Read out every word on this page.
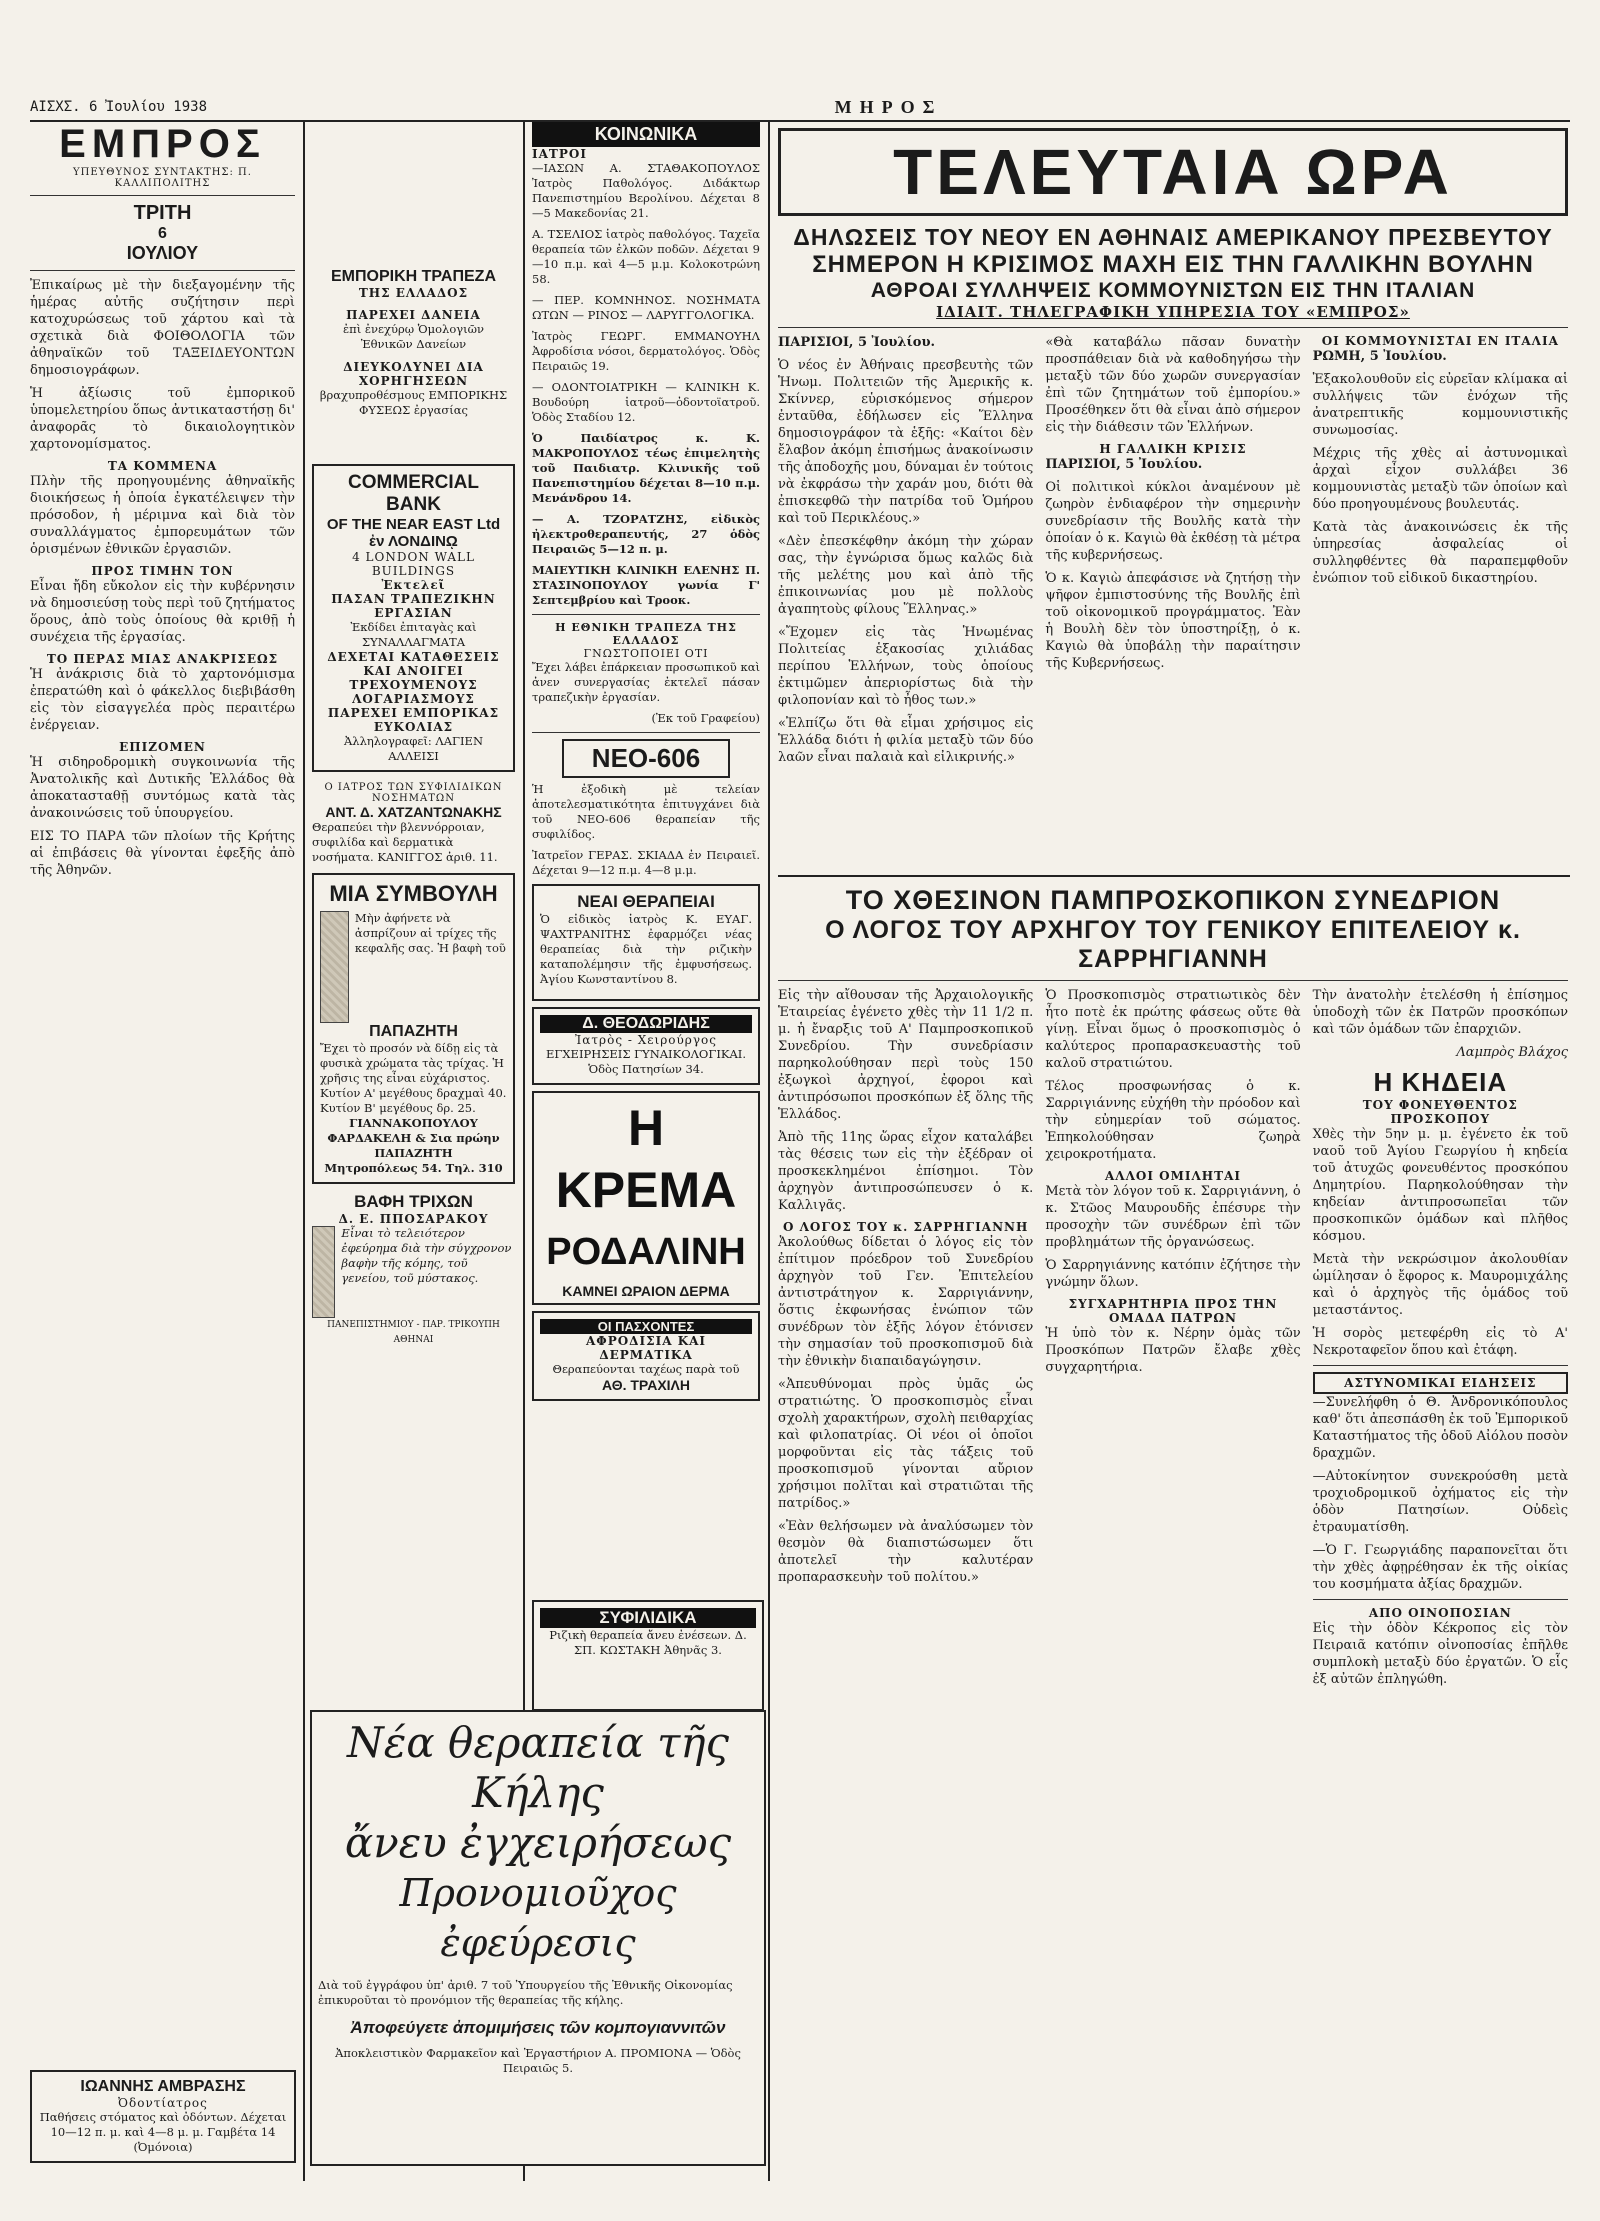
ΑΙΣΧΣ. 6 Ἰουλίου 1938	ΜΗΡΟΣ
ΕΜΠΡΟΣ
ΥΠΕΥΘΥΝΟΣ ΣΥΝΤΑΚΤΗΣ: Π. ΚΑΛΛΙΠΟΛΙΤΗΣ
ΤΡΙΤΗ
6
ΙΟΥΛΙΟΥ

Ἐπικαίρως μὲ τὴν διεξαγομένην τῆς ἡμέρας αὐτῆς συζήτησιν περὶ κατοχυρώσεως τοῦ χάρτου καὶ τὰ σχετικὰ διὰ ΦΟΙΘΟΛΟΓΙΑ τῶν ἀθηναϊκῶν τοῦ ΤΑΞΕΙΔΕΥΟΝΤΩΝ δημοσιογράφων.

Ἡ ἀξίωσις τοῦ ἐμπορικοῦ ὑπομελετηρίου ὅπως ἀντικαταστήσῃ δι' ἀναφορᾶς τὸ δικαιολογητικὸν χαρτονομίσματος.

ΤΑ ΚΟΜΜΕΝΑ

Πλὴν τῆς προηγουμένης ἀθηναϊκῆς διοικήσεως ἡ ὁποία ἐγκατέλειψεν τὴν πρόσοδον, ἡ μέριμνα καὶ διὰ τὸν συναλλάγματος ἐμπορευμάτων τῶν ὁρισμένων ἐθνικῶν ἐργασιῶν.

ΠΡΟΣ ΤΙΜΗΝ ΤΟΝ

Εἶναι ἤδη εὔκολον εἰς τὴν κυβέρνησιν νὰ δημοσιεύσῃ τοὺς περὶ τοῦ ζητήματος ὅρους, ἀπὸ τοὺς ὁποίους θὰ κριθῇ ἡ συνέχεια τῆς ἐργασίας.

ΤΟ ΠΕΡΑΣ ΜΙΑΣ ΑΝΑΚΡΙΣΕΩΣ

Ἡ ἀνάκρισις διὰ τὸ χαρτονόμισμα ἐπερατώθη καὶ ὁ φάκελλος διεβιβάσθη εἰς τὸν εἰσαγγελέα πρὸς περαιτέρω ἐνέργειαν.

ΕΠΙΖΟΜΕΝ

Ἡ σιδηροδρομικὴ συγκοινωνία τῆς Ἀνατολικῆς καὶ Δυτικῆς Ἑλλάδος θὰ ἀποκατασταθῇ συντόμως κατὰ τὰς ἀνακοινώσεις τοῦ ὑπουργείου.

ΕΙΣ ΤΟ ΠΑΡΑ τῶν πλοίων τῆς Κρήτης αἱ ἐπιβάσεις θὰ γίνονται ἐφεξῆς ἀπὸ τῆς Ἀθηνῶν.

ΙΩΑΝΝΗΣ ΑΜΒΡΑΣΗΣ
Ὀδοντίατρος
Παθήσεις στόματος καὶ ὀδόντων. Δέχεται 10—12 π. μ. καὶ 4—8 μ. μ. Γαμβέτα 14 (Ὀμόνοια)
ΕΜΠΟΡΙΚΗ ΤΡΑΠΕΖΑ
ΤΗΣ ΕΛΛΑΔΟΣ
ΠΑΡΕΧΕΙ ΔΑΝΕΙΑ
ἐπὶ ἐνεχύρῳ Ὁμολογιῶν Ἐθνικῶν Δανείων
ΔΙΕΥΚΟΛΥΝΕΙ ΔΙΑ ΧΟΡΗΓΗΣΕΩΝ
βραχυπροθέσμους ΕΜΠΟΡΙΚΗΣ ΦΥΣΕΩΣ ἐργασίας
COMMERCIAL BANK
OF THE NEAR EAST Ltd
ἐν ΛΟΝΔΙΝῼ
4 LONDON WALL BUILDINGS
Ἐκτελεῖ
ΠΑΣΑΝ ΤΡΑΠΕΖΙΚΗΝ ΕΡΓΑΣΙΑΝ
Ἐκδίδει ἐπιταγὰς καὶ ΣΥΝΑΛΛΑΓΜΑΤΑ
ΔΕΧΕΤΑΙ ΚΑΤΑΘΕΣΕΙΣ ΚΑΙ ΑΝΟΙΓΕΙ ΤΡΕΧΟΥΜΕΝΟΥΣ ΛΟΓΑΡΙΑΣΜΟΥΣ
ΠΑΡΕΧΕΙ ΕΜΠΟΡΙΚΑΣ ΕΥΚΟΛΙΑΣ
Ἀλληλογραφεῖ: ΛΑΓΙΕΝ ΑΛΛΕΙΣΙ
Ο ΙΑΤΡΟΣ ΤΩΝ ΣΥΦΙΛΙΔΙΚΩΝ ΝΟΣΗΜΑΤΩΝ
ΑΝΤ. Δ. ΧΑΤΖΑΝΤΩΝΑΚΗΣ
Θεραπεύει τὴν βλεννόρροιαν, συφιλίδα καὶ δερματικὰ νοσήματα. ΚΑΝΙΓΓΟΣ ἀριθ. 11.
ΜΙΑ ΣΥΜΒΟΥΛΗ
Μὴν ἀφήνετε νὰ ἀσπρίζουν αἱ τρίχες τῆς κεφαλῆς σας. Ἡ βαφὴ τοῦ
ΠΑΠΑΖΗΤΗ
Ἔχει τὸ προσόν νὰ δίδῃ εἰς τὰ φυσικὰ χρώματα τὰς τρίχας. Ἡ χρῆσις της εἶναι εὐχάριστος.
Κυτίον Α' μεγέθους δραχμαὶ 40. Κυτίον Β' μεγέθους δρ. 25.
ΓΙΑΝΝΑΚΟΠΟΥΛΟΥ ΦΑΡΔΑΚΕΛΗ & Σια πρώην ΠΑΠΑΖΗΤΗ
Μητροπόλεως 54. Τηλ. 310
ΒΑΦΗ ΤΡΙΧΩΝ
Δ. Ε. ΠΠΟΣΑΡΑΚΟΥ
Εἶναι τὸ τελειότερον ἐφεύρημα διὰ τὴν σύγχρονον βαφὴν τῆς κόμης, τοῦ γενείου, τοῦ μύστακος.
ΠΑΝΕΠΙΣΤΗΜΙΟΥ - ΠΑΡ. ΤΡΙΚΟΥΠΗ ΑΘΗΝΑΙ
Νέα θεραπεία τῆς Κήλης
ἄνευ ἐγχειρήσεως
Προνομιοῦχος ἐφεύρεσις
Διὰ τοῦ ἐγγράφου ὑπ' ἀριθ. 7 τοῦ Ὑπουργείου τῆς Ἐθνικῆς Οἰκονομίας ἐπικυροῦται τὸ προνόμιον τῆς θεραπείας τῆς κήλης.
Ἀποφεύγετε ἀπομιμήσεις τῶν κομπογιαννιτῶν
Ἀποκλειστικὸν Φαρμακεῖον καὶ Ἐργαστήριον Α. ΠΡΟΜΙΟΝΑ — Ὁδὸς Πειραιῶς 5.
ΚΟΙΝΩΝΙΚΑ
ΙΑΤΡΟΙ

—ΙΑΣΩΝ Α. ΣΤΑΘΑΚΟΠΟΥΛΟΣ Ἰατρὸς Παθολόγος. Διδάκτωρ Πανεπιστημίου Βερολίνου. Δέχεται 8—5 Μακεδονίας 21.

Α. ΤΣΕΛΙΟΣ ἰατρὸς παθολόγος. Ταχεῖα θεραπεία τῶν ἐλκῶν ποδῶν. Δέχεται 9—10 π.μ. καὶ 4—5 μ.μ. Κολοκοτρώνη 58.

— ΠΕΡ. ΚΟΜΝΗΝΟΣ. ΝΟΣΗΜΑΤΑ ΩΤΩΝ — ΡΙΝΟΣ — ΛΑΡΥΓΓΟΛΟΓΙΚΑ.

Ἰατρὸς ΓΕΩΡΓ. ΕΜΜΑΝΟΥΗΛ Ἀφροδίσια νόσοι, δερματολόγος. Ὁδὸς Πειραιῶς 19.

— ΟΔΟΝΤΟΙΑΤΡΙΚΗ — ΚΛΙΝΙΚΗ Κ. Βουδούρη ἰατροῦ—ὀδοντοϊατροῦ. Ὁδὸς Σταδίου 12.

Ὁ Παιδίατρος κ. Κ. ΜΑΚΡΟΠΟΥΛΟΣ τέως ἐπιμελητὴς τοῦ Παιδιατρ. Κλινικῆς τοῦ Πανεπιστημίου δέχεται 8—10 π.μ. Μενάνδρου 14.

— Α. ΤΖΟΡΑΤΖΗΣ, εἰδικὸς ἠλεκτροθεραπευτής, 27 ὁδὸς Πειραιῶς 5—12 π. μ.

ΜΑΙΕΥΤΙΚΗ ΚΛΙΝΙΚΗ ΕΛΕΝΗΣ Π. ΣΤΑΣΙΝΟΠΟΥΛΟΥ γωνία Γ' Σεπτεμβρίου καὶ Τροοκ.

Η ΕΘΝΙΚΗ ΤΡΑΠΕΖΑ ΤΗΣ ΕΛΛΑΔΟΣ
ΓΝΩΣΤΟΠΟΙΕΙ ΟΤΙ

Ἔχει λάβει ἐπάρκειαν προσωπικοῦ καὶ ἀνεν συνεργασίας ἐκτελεῖ πάσαν τραπεζικὴν ἐργασίαν.

(Ἐκ τοῦ Γραφείου)
ΝΕΟ-606

Ἡ ἐξοδικὴ μὲ τελείαν ἀποτελεσματικότητα ἐπιτυγχάνει διὰ τοῦ ΝΕΟ-606 θεραπείαν τῆς συφιλίδος.

Ἰατρεῖον ΓΕΡΑΣ. ΣΚΙΑΔΑ ἐν Πειραιεῖ. Δέχεται 9—12 π.μ. 4—8 μ.μ.

ΝΕΑΙ ΘΕΡΑΠΕΙΑΙ

Ὁ εἰδικὸς ἰατρὸς Κ. ΕΥΑΓ. ΨΑΧΤΡΑΝΙΤΗΣ ἐφαρμόζει νέας θεραπείας διὰ τὴν ριζικὴν καταπολέμησιν τῆς ἐμφυσήσεως. Ἀγίου Κωνσταντίνου 8.

Δ. ΘΕΟΔΩΡΙΔΗΣ
Ἰατρὸς - Χειρούργος
ΕΓΧΕΙΡΗΣΕΙΣ ΓΥΝΑΙΚΟΛΟΓΙΚΑΙ. Ὁδὸς Πατησίων 34.
Η ΚΡΕΜΑ
ΡΟΔΑΛΙΝΗ
ΚΑΜΝΕΙ ΩΡΑΙΟΝ ΔΕΡΜΑ
ΟΙ ΠΑΣΧΟΝΤΕΣ
ΑΦΡΟΔΙΣΙΑ ΚΑΙ ΔΕΡΜΑΤΙΚΑ
Θεραπεύονται ταχέως παρὰ τοῦ
ΑΘ. ΤΡΑΧΙΛΗ
ΣΥΦΙΛΙΔΙΚΑ
Ριζικὴ θεραπεία ἄνευ ἐνέσεων. Δ. ΣΠ. ΚΩΣΤΑΚΗ Ἀθηνᾶς 3.
ΤΕΛΕΥΤΑΙΑ ΩΡΑ
ΔΗΛΩΣΕΙΣ ΤΟΥ ΝΕΟΥ ΕΝ ΑΘΗΝΑΙΣ ΑΜΕΡΙΚΑΝΟΥ ΠΡΕΣΒΕΥΤΟΥ
ΣΗΜΕΡΟΝ Η ΚΡΙΣΙΜΟΣ ΜΑΧΗ ΕΙΣ ΤΗΝ ΓΑΛΛΙΚΗΝ ΒΟΥΛΗΝ
ΑΘΡΟΑΙ ΣΥΛΛΗΨΕΙΣ ΚΟΜΜΟΥΝΙΣΤΩΝ ΕΙΣ ΤΗΝ ΙΤΑΛΙΑΝ
ΙΔΙΑΙΤ. ΤΗΛΕΓΡΑΦΙΚΗ ΥΠΗΡΕΣΙΑ ΤΟΥ «ΕΜΠΡΟΣ»
ΠΑΡΙΣΙΟΙ, 5 Ἰουλίου.

Ὁ νέος ἐν Ἀθήναις πρεσβευτὴς τῶν Ἡνωμ. Πολιτειῶν τῆς Ἀμερικῆς κ. Σκίννερ, εὑρισκόμενος σήμερον ἐνταῦθα, ἐδήλωσεν εἰς Ἕλληνα δημοσιογράφον τὰ ἑξῆς: «Καίτοι δὲν ἔλαβον ἀκόμη ἐπισήμως ἀνακοίνωσιν τῆς ἀποδοχῆς μου, δύναμαι ἐν τούτοις νὰ ἐκφράσω τὴν χαράν μου, διότι θὰ ἐπισκεφθῶ τὴν πατρίδα τοῦ Ὁμήρου καὶ τοῦ Περικλέους.»

«Δὲν ἐπεσκέφθην ἀκόμη τὴν χώραν σας, τὴν ἐγνώρισα ὅμως καλῶς διὰ τῆς μελέτης μου καὶ ἀπὸ τῆς ἐπικοινωνίας μου μὲ πολλοὺς ἀγαπητοὺς φίλους Ἕλληνας.»

«Ἔχομεν εἰς τὰς Ἡνωμένας Πολιτείας ἑξακοσίας χιλιάδας περίπου Ἑλλήνων, τοὺς ὁποίους ἐκτιμῶμεν ἀπεριορίστως διὰ τὴν φιλοπονίαν καὶ τὸ ἦθος των.»

«Ἐλπίζω ὅτι θὰ εἶμαι χρήσιμος εἰς Ἑλλάδα διότι ἡ φιλία μεταξὺ τῶν δύο λαῶν εἶναι παλαιὰ καὶ εἰλικρινής.»

«Θὰ καταβάλω πᾶσαν δυνατὴν προσπάθειαν διὰ νὰ καθοδηγήσω τὴν μεταξὺ τῶν δύο χωρῶν συνεργασίαν ἐπὶ τῶν ζητημάτων τοῦ ἐμπορίου.» Προσέθηκεν ὅτι θὰ εἶναι ἀπὸ σήμερον εἰς τὴν διάθεσιν τῶν Ἑλλήνων.

Η ΓΑΛΛΙΚΗ ΚΡΙΣΙΣ
ΠΑΡΙΣΙΟΙ, 5 Ἰουλίου.

Οἱ πολιτικοὶ κύκλοι ἀναμένουν μὲ ζωηρὸν ἐνδιαφέρον τὴν σημερινὴν συνεδρίασιν τῆς Βουλῆς κατὰ τὴν ὁποίαν ὁ κ. Καγιὼ θὰ ἐκθέσῃ τὰ μέτρα τῆς κυβερνήσεως.

Ὁ κ. Καγιὼ ἀπεφάσισε νὰ ζητήσῃ τὴν ψῆφον ἐμπιστοσύνης τῆς Βουλῆς ἐπὶ τοῦ οἰκονομικοῦ προγράμματος. Ἐὰν ἡ Βουλὴ δὲν τὸν ὑποστηρίξῃ, ὁ κ. Καγιὼ θὰ ὑποβάλῃ τὴν παραίτησιν τῆς Κυβερνήσεως.

ΟΙ ΚΟΜΜΟΥΝΙΣΤΑΙ ΕΝ ΙΤΑΛΙΑ
ΡΩΜΗ, 5 Ἰουλίου.

Ἐξακολουθοῦν εἰς εὐρεῖαν κλίμακα αἱ συλλήψεις τῶν ἐνόχων τῆς ἀνατρεπτικῆς κομμουνιστικῆς συνωμοσίας.

Μέχρις τῆς χθὲς αἱ ἀστυνομικαὶ ἀρχαὶ εἶχον συλλάβει 36 κομμουνιστὰς μεταξὺ τῶν ὁποίων καὶ δύο προηγουμένους βουλευτάς.

Κατὰ τὰς ἀνακοινώσεις ἐκ τῆς ὑπηρεσίας ἀσφαλείας οἱ συλληφθέντες θὰ παραπεμφθοῦν ἐνώπιον τοῦ εἰδικοῦ δικαστηρίου.

ΤΟ ΧΘΕΣΙΝΟΝ ΠΑΜΠΡΟΣΚΟΠΙΚΟΝ ΣΥΝΕΔΡΙΟΝ
Ο ΛΟΓΟΣ ΤΟΥ ΑΡΧΗΓΟΥ ΤΟΥ ΓΕΝΙΚΟΥ ΕΠΙΤΕΛΕΙΟΥ κ. ΣΑΡΡΗΓΙΑΝΝΗ

Εἰς τὴν αἴθουσαν τῆς Ἀρχαιολογικῆς Ἑταιρείας ἐγένετο χθὲς τὴν 11 1/2 π. μ. ἡ ἔναρξις τοῦ Α' Παμπροσκοπικοῦ Συνεδρίου. Τὴν συνεδρίασιν παρηκολούθησαν περὶ τοὺς 150 ἐξωγκοὶ ἀρχηγοί, ἐφοροι καὶ ἀντιπρόσωποι προσκόπων ἐξ ὅλης τῆς Ἑλλάδος.

Ἀπὸ τῆς 11ης ὥρας εἶχον καταλάβει τὰς θέσεις των εἰς τὴν ἐξέδραν οἱ προσκεκλημένοι ἐπίσημοι. Τὸν ἀρχηγὸν ἀντιπροσώπευσεν ὁ κ. Καλλιγᾶς.

Ο ΛΟΓΟΣ ΤΟΥ κ. ΣΑΡΡΗΓΙΑΝΝΗ

Ἀκολούθως δίδεται ὁ λόγος εἰς τὸν ἐπίτιμον πρόεδρον τοῦ Συνεδρίου ἀρχηγὸν τοῦ Γεν. Ἐπιτελείου ἀντιστράτηγον κ. Σαρριγιάννην, ὅστις ἐκφωνήσας ἐνώπιον τῶν συνέδρων τὸν ἑξῆς λόγον ἐτόνισεν τὴν σημασίαν τοῦ προσκοπισμοῦ διὰ τὴν ἐθνικὴν διαπαιδαγώγησιν.

«Ἀπευθύνομαι πρὸς ὑμᾶς ὡς στρατιώτης. Ὁ προσκοπισμὸς εἶναι σχολὴ χαρακτήρων, σχολὴ πειθαρχίας καὶ φιλοπατρίας. Οἱ νέοι οἱ ὁποῖοι μορφοῦνται εἰς τὰς τάξεις τοῦ προσκοπισμοῦ γίνονται αὔριον χρήσιμοι πολῖται καὶ στρατιῶται τῆς πατρίδος.»

«Ἐὰν θελήσωμεν νὰ ἀναλύσωμεν τὸν θεσμὸν θὰ διαπιστώσωμεν ὅτι ἀποτελεῖ τὴν καλυτέραν προπαρασκευὴν τοῦ πολίτου.»

Ὁ Προσκοπισμὸς στρατιωτικὸς δὲν ἦτο ποτὲ ἐκ πρώτης φάσεως οὔτε θὰ γίνῃ. Εἶναι ὅμως ὁ προσκοπισμὸς ὁ καλύτερος προπαρασκευαστὴς τοῦ καλοῦ στρατιώτου.

Τέλος προσφωνήσας ὁ κ. Σαρριγιάννης εὐχήθη τὴν πρόοδον καὶ τὴν εὐημερίαν τοῦ σώματος. Ἐπηκολούθησαν ζωηρὰ χειροκροτήματα.

ΑΛΛΟΙ ΟΜΙΛΗΤΑΙ

Μετὰ τὸν λόγον τοῦ κ. Σαρριγιάννη, ὁ κ. Στῶος Μαυρουδῆς ἐπέσυρε τὴν προσοχὴν τῶν συνέδρων ἐπὶ τῶν προβλημάτων τῆς ὀργανώσεως.

Ὁ Σαρρηγιάννης κατόπιν ἐζήτησε τὴν γνώμην ὅλων.

ΣΥΓΧΑΡΗΤΗΡΙΑ ΠΡΟΣ ΤΗΝ ΟΜΑΔΑ ΠΑΤΡΩΝ

Ἡ ὑπὸ τὸν κ. Νέρην ὁμὰς τῶν Προσκόπων Πατρῶν ἔλαβε χθὲς συγχαρητήρια.

Τὴν ἀνατολὴν ἐτελέσθη ἡ ἐπίσημος ὑποδοχὴ τῶν ἐκ Πατρῶν προσκόπων καὶ τῶν ὁμάδων τῶν ἐπαρχιῶν.

Λαμπρὸς Βλάχος
Η ΚΗΔΕΙΑ
ΤΟΥ ΦΟΝΕΥΘΕΝΤΟΣ ΠΡΟΣΚΟΠΟΥ

Χθὲς τὴν 5ην μ. μ. ἐγένετο ἐκ τοῦ ναοῦ τοῦ Ἁγίου Γεωργίου ἡ κηδεία τοῦ ἀτυχῶς φονευθέντος προσκόπου Δημητρίου. Παρηκολούθησαν τὴν κηδείαν ἀντιπροσωπεῖαι τῶν προσκοπικῶν ὁμάδων καὶ πλῆθος κόσμου.

Μετὰ τὴν νεκρώσιμον ἀκολουθίαν ὡμίλησαν ὁ ἔφορος κ. Μαυρομιχάλης καὶ ὁ ἀρχηγὸς τῆς ὁμάδος τοῦ μεταστάντος.

Ἡ σορὸς μετεφέρθη εἰς τὸ Α' Νεκροταφεῖον ὅπου καὶ ἐτάφη.

ΑΣΤΥΝΟΜΙΚΑΙ ΕΙΔΗΣΕΙΣ

—Συνελήφθη ὁ Θ. Ἀνδρονικόπουλος καθ' ὅτι ἀπεσπάσθη ἐκ τοῦ Ἐμπορικοῦ Καταστήματος τῆς ὁδοῦ Αἰόλου ποσὸν δραχμῶν.

—Αὐτοκίνητον συνεκρούσθη μετὰ τροχιοδρομικοῦ ὀχήματος εἰς τὴν ὁδὸν Πατησίων. Οὐδεὶς ἐτραυματίσθη.

—Ὁ Γ. Γεωργιάδης παραπονεῖται ὅτι τὴν χθὲς ἀφῃρέθησαν ἐκ τῆς οἰκίας του κοσμήματα ἀξίας δραχμῶν.

ΑΠΟ ΟΙΝΟΠΟΣΙΑΝ

Εἰς τὴν ὁδὸν Κέκροπος εἰς τὸν Πειραιᾶ κατόπιν οἰνοποσίας ἐπῆλθε συμπλοκὴ μεταξὺ δύο ἐργατῶν. Ὁ εἷς ἐξ αὐτῶν ἐπληγώθη.
